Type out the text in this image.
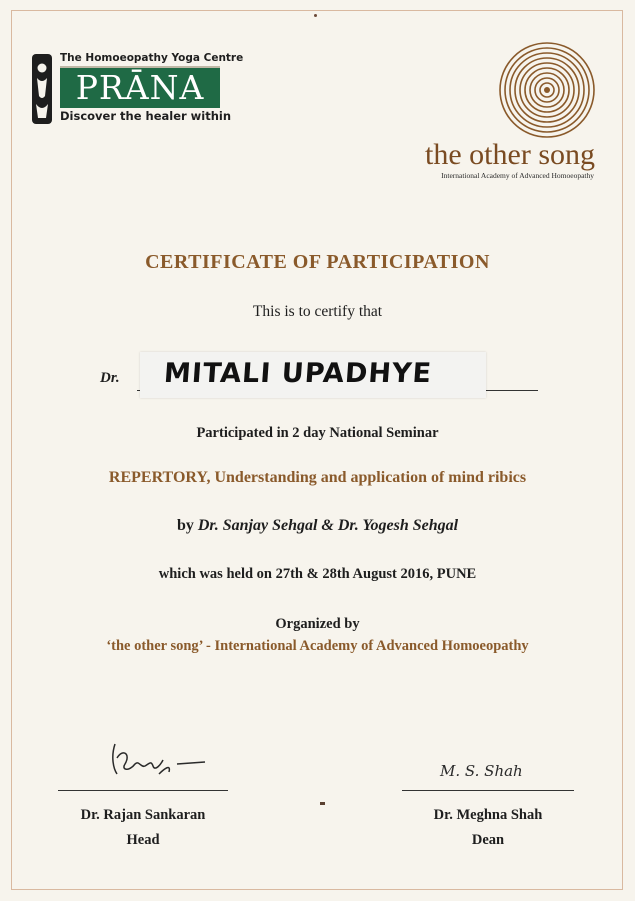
The Homoeopathy Yoga Centre
PRĀNA
Discover the healer within
the other song
International Academy of Advanced Homoeopathy
CERTIFICATE OF PARTICIPATION
This is to certify that
Dr. MITALI UPADHYE
Participated in 2 day National Seminar
REPERTORY, Understanding and application of mind ribics
by Dr. Sanjay Sehgal & Dr. Yogesh Sehgal
which was held on 27th & 28th August 2016, PUNE
Organized by
‘the other song’ - International Academy of Advanced Homoeopathy
Dr. Rajan Sankaran
Head
M. S. Shah
Dr. Meghna Shah
Dean
